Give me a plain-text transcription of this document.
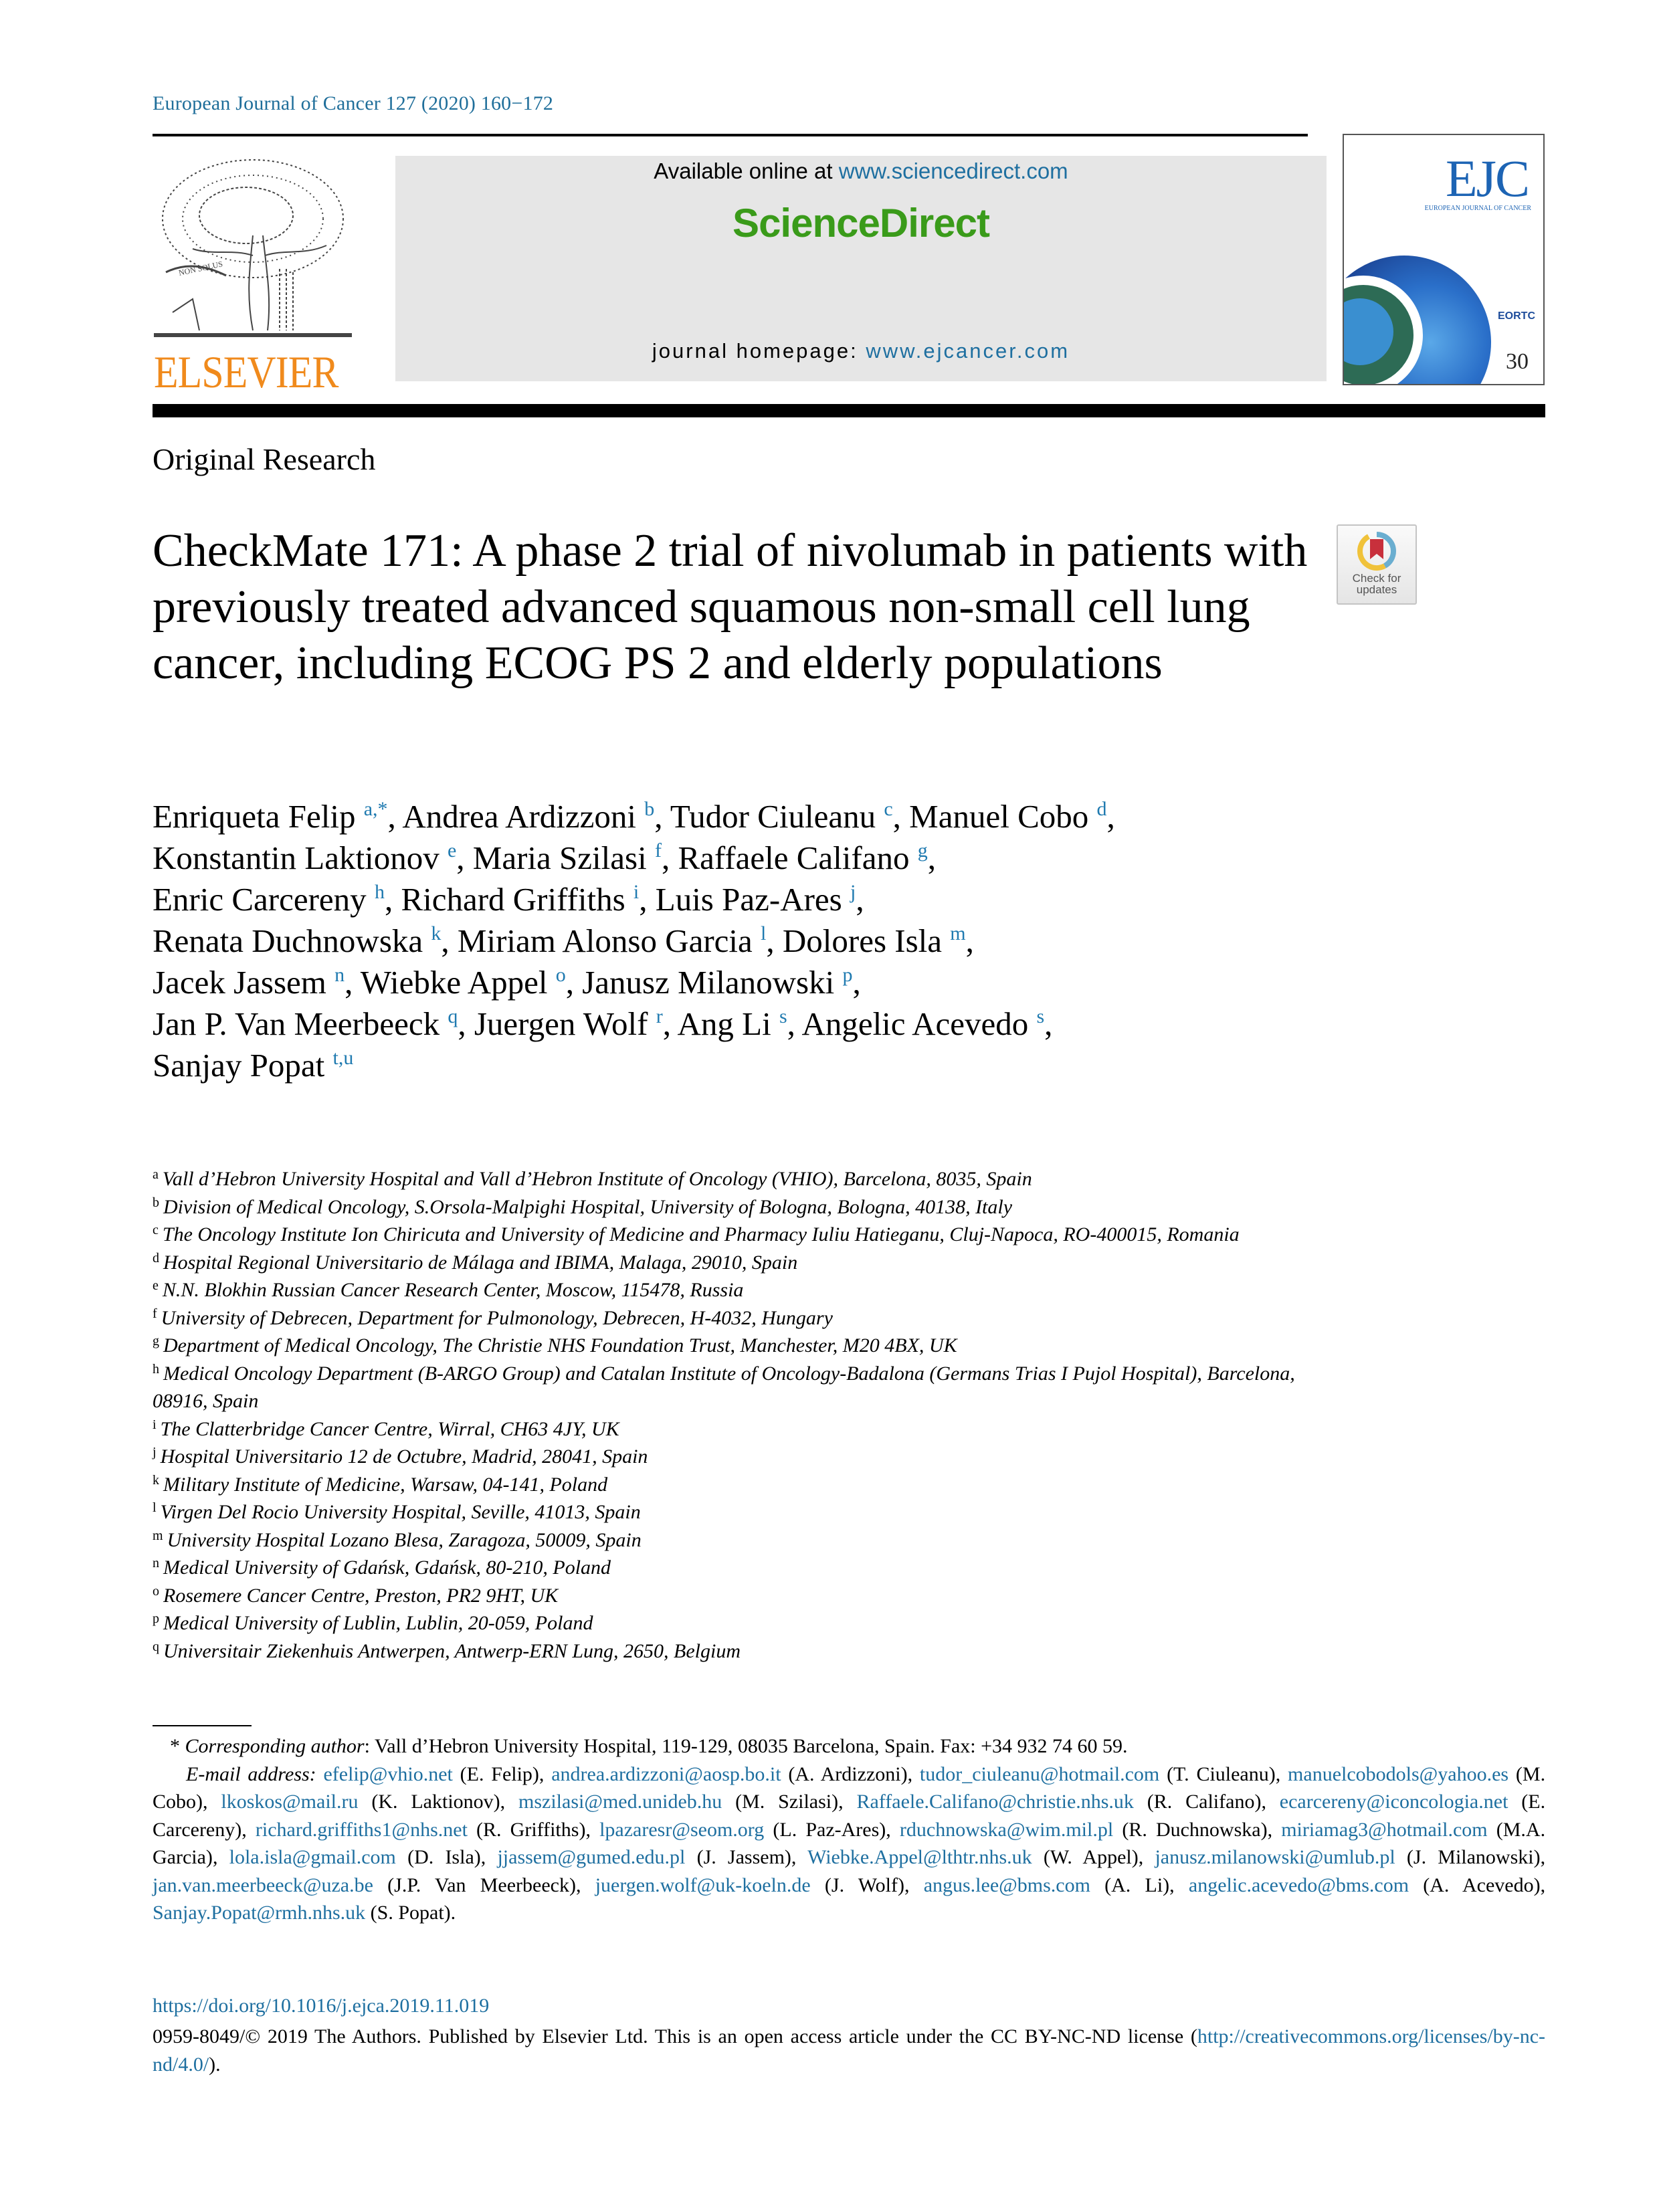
European Journal of Cancer 127 (2020) 160−172
NON SOLUS
ELSEVIER
Available online at www.sciencedirect.com
ScienceDirect
journal homepage: www.ejcancer.com
EJC
EUROPEAN JOURNAL OF CANCER
EORTC
30
Original Research
CheckMate 171: A phase 2 trial of nivolumab in patients with previously treated advanced squamous non-small cell lung cancer, including ECOG PS 2 and elderly populations
Check for
updates
Enriqueta Felip $^{a,*}$, Andrea Ardizzoni $^b$, Tudor Ciuleanu $^c$, Manuel Cobo $^d$,
Konstantin Laktionov $^e$, Maria Szilasi $^f$, Raffaele Califano $^g$,
Enric Carcereny $^h$, Richard Griffiths $^i$, Luis Paz-Ares $^j$,
Renata Duchnowska $^k$, Miriam Alonso Garcia $^l$, Dolores Isla $^m$,
Jacek Jassem $^n$, Wiebke Appel $^o$, Janusz Milanowski $^p$,
Jan P. Van Meerbeeck $^q$, Juergen Wolf $^r$, Ang Li $^s$, Angelic Acevedo $^s$,
Sanjay Popat $^{t,u}$
$^a$ Vall d’Hebron University Hospital and Vall d’Hebron Institute of Oncology (VHIO), Barcelona, 8035, Spain
$^b$ Division of Medical Oncology, S.Orsola-Malpighi Hospital, University of Bologna, Bologna, 40138, Italy
$^c$ The Oncology Institute Ion Chiricuta and University of Medicine and Pharmacy Iuliu Hatieganu, Cluj-Napoca, RO-400015, Romania
$^d$ Hospital Regional Universitario de Málaga and IBIMA, Malaga, 29010, Spain
$^e$ N.N. Blokhin Russian Cancer Research Center, Moscow, 115478, Russia
$^f$ University of Debrecen, Department for Pulmonology, Debrecen, H-4032, Hungary
$^g$ Department of Medical Oncology, The Christie NHS Foundation Trust, Manchester, M20 4BX, UK
$^h$ Medical Oncology Department (B-ARGO Group) and Catalan Institute of Oncology-Badalona (Germans Trias I Pujol Hospital), Barcelona, 08916, Spain
$^i$ The Clatterbridge Cancer Centre, Wirral, CH63 4JY, UK
$^j$ Hospital Universitario 12 de Octubre, Madrid, 28041, Spain
$^k$ Military Institute of Medicine, Warsaw, 04-141, Poland
$^l$ Virgen Del Rocio University Hospital, Seville, 41013, Spain
$^m$ University Hospital Lozano Blesa, Zaragoza, 50009, Spain
$^n$ Medical University of Gdańsk, Gdańsk, 80-210, Poland
$^o$ Rosemere Cancer Centre, Preston, PR2 9HT, UK
$^p$ Medical University of Lublin, Lublin, 20-059, Poland
$^q$ Universitair Ziekenhuis Antwerpen, Antwerp-ERN Lung, 2650, Belgium
* Corresponding author: Vall d’Hebron University Hospital, 119-129, 08035 Barcelona, Spain. Fax: +34 932 74 60 59.
E-mail address: efelip@vhio.net (E. Felip), andrea.ardizzoni@aosp.bo.it (A. Ardizzoni), tudor_ciuleanu@hotmail.com (T. Ciuleanu), manuelcobodols@yahoo.es (M. Cobo), lkoskos@mail.ru (K. Laktionov), mszilasi@med.unideb.hu (M. Szilasi), Raffaele.Califano@christie.nhs.uk (R. Califano), ecarcereny@iconcologia.net (E. Carcereny), richard.griffiths1@nhs.net (R. Griffiths), lpazaresr@seom.org (L. Paz-Ares), rduchnowska@wim.mil.pl (R. Duchnowska), miriamag3@hotmail.com (M.A. Garcia), lola.isla@gmail.com (D. Isla), jjassem@gumed.edu.pl (J. Jassem), Wiebke.Appel@lthtr.nhs.uk (W. Appel), janusz.milanowski@umlub.pl (J. Milanowski), jan.van.meerbeeck@uza.be (J.P. Van Meerbeeck), juergen.wolf@uk-koeln.de (J. Wolf), angus.lee@bms.com (A. Li), angelic.acevedo@bms.com (A. Acevedo), Sanjay.Popat@rmh.nhs.uk (S. Popat).
https://doi.org/10.1016/j.ejca.2019.11.019
0959-8049/© 2019 The Authors. Published by Elsevier Ltd. This is an open access article under the CC BY-NC-ND license (http://creativecommons.org/licenses/by-nc-nd/4.0/).
